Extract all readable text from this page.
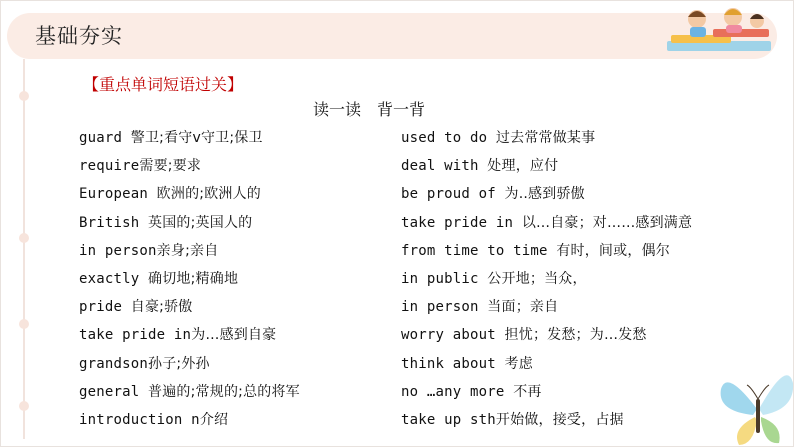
基础夯实
【重点单词短语过关】
读一读　背一背
guard 警卫;看守v守卫;保卫
require需要;要求
European 欧洲的;欧洲人的
British 英国的;英国人的
in person亲身;亲自
exactly 确切地;精确地
pride 自豪;骄傲
take pride in为…感到自豪
grandson孙子;外孙
general 普遍的;常规的;总的将军
introduction n介绍
used to do 过去常常做某事
deal with 处理，应付
be proud of 为..感到骄傲
take pride in 以…自豪；对……感到满意
from time to time 有时，间或，偶尔
in public 公开地；当众，
in person 当面；亲自
worry about 担忧；发愁；为…发愁
think about 考虑
no …any more 不再
take up sth开始做，接受，占据
